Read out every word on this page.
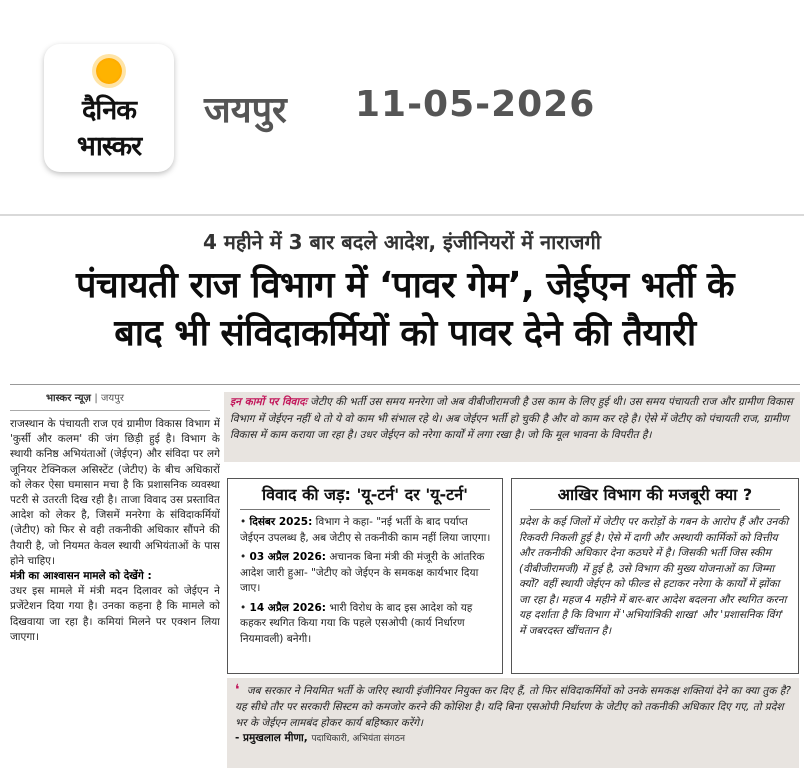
दैनिक
भास्कर
जयपुर 11-05-2026
4 महीने में 3 बार बदले आदेश, इंजीनियरों में नाराजगी
पंचायती राज विभाग में ‘पावर गेम’, जेईएन भर्ती के
बाद भी संविदाकर्मियों को पावर देने की तैयारी
भास्कर न्यूज़ | जयपुर

राजस्थान के पंचायती राज एवं ग्रामीण विकास विभाग में 'कुर्सी और कलम' की जंग छिड़ी हुई है। विभाग के स्थायी कनिष्ठ अभियंताओं (जेईएन) और संविदा पर लगे जूनियर टेक्निकल असिस्टेंट (जेटीए) के बीच अधिकारों को लेकर ऐसा घमासान मचा है कि प्रशासनिक व्यवस्था पटरी से उतरती दिख रही है। ताजा विवाद उस प्रस्तावित आदेश को लेकर है, जिसमें मनरेगा के संविदाकर्मियों (जेटीए) को फिर से वही तकनीकी अधिकार सौंपने की तैयारी है, जो नियमत केवल स्थायी अभियंताओं के पास होने चाहिए।

मंत्री का आश्वासन मामले को देखेंगे :

उधर इस मामले में मंत्री मदन दिलावर को जेईएन ने प्रजेंटेशन दिया गया है। उनका कहना है कि मामले को दिखवाया जा रहा है। कमियां मिलने पर एक्शन लिया जाएगा।

इन कामों पर विवादः जेटीए की भर्ती उस समय मनरेगा जो अब वीबीजीरामजी है उस काम के लिए हुई थी। उस समय पंचायती राज और ग्रामीण विकास विभाग में जेईएन नहीं थे तो ये वो काम भी संभाल रहे थे। अब जेईएन भर्ती हो चुकी है और वो काम कर रहे है। ऐसे में जेटीए को पंचायती राज, ग्रामीण विकास में काम कराया जा रहा है। उधर जेईएन को नरेगा कार्यों में लगा रखा है। जो कि मूल भावना के विपरीत है।

विवाद की जड़: 'यू-टर्न' दर 'यू-टर्न'
• दिसंबर 2025: विभाग ने कहा- "नई भर्ती के बाद पर्याप्त जेईएन उपलब्ध है, अब जेटीए से तकनीकी काम नहीं लिया जाएगा।
• 03 अप्रैल 2026: अचानक बिना मंत्री की मंजूरी के आंतरिक आदेश जारी हुआ- "जेटीए को जेईएन के समकक्ष कार्यभार दिया जाए।
• 14 अप्रैल 2026: भारी विरोध के बाद इस आदेश को यह कहकर स्थगित किया गया कि पहले एसओपी (कार्य निर्धारण नियमावली) बनेगी।
आखिर विभाग की मजबूरी क्या ?

प्रदेश के कई जिलों में जेटीए पर करोड़ों के गबन के आरोप हैं और उनकी रिकवरी निकली हुई है। ऐसे में दागी और अस्थायी कार्मिकों को वित्तीय और तकनीकी अधिकार देना कठघरे में है। जिसकी भर्ती जिस स्कीम (वीबीजीरामजी) में हुई है, उसे विभाग की मुख्य योजनाओं का जिम्मा क्यों? वहीं स्थायी जेईएन को फील्ड से हटाकर नरेगा के कार्यों में झोंका जा रहा है। महज 4 महीने में बार-बार आदेश बदलना और स्थगित करना यह दर्शाता है कि विभाग में 'अभियांत्रिकी शाखा' और 'प्रशासनिक विंग' में जबरदस्त खींचतान है।

❛ जब सरकार ने नियमित भर्ती के जरिए स्थायी इंजीनियर नियुक्त कर दिए हैं, तो फिर संविदाकर्मियों को उनके समकक्ष शक्तियां देने का क्या तुक है? यह सीधे तौर पर सरकारी सिस्टम को कमजोर करने की कोशिश है। यदि बिना एसओपी निर्धारण के जेटीए को तकनीकी अधिकार दिए गए, तो प्रदेश भर के जेईएन लामबंद होकर कार्य बहिष्कार करेंगे।

- प्रमुखलाल मीणा, पदाधिकारी, अभियंता संगठन
